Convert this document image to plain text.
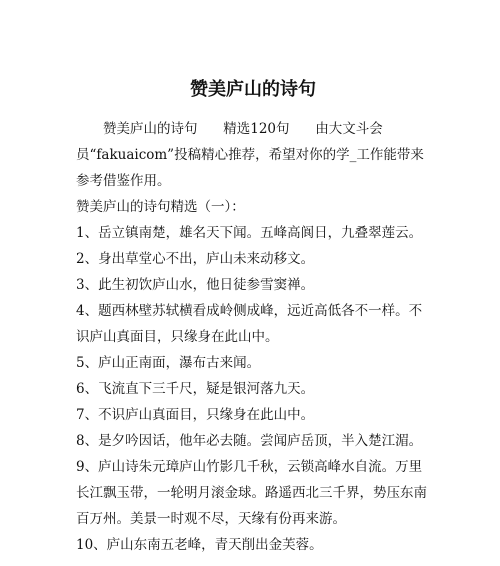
赞美庐山的诗句

赞美庐山的诗句      精选120句      由大文斗会员“fakuaicom”投稿精心推荐，希望对你的学_工作能带来参考借鉴作用。

赞美庐山的诗句精选（一）：

1、岳立镇南楚，雄名天下闻。五峰高阆日，九叠翠莲云。

2、身出草堂心不出，庐山未来动移文。

3、此生初饮庐山水，他日徒参雪窦禅。

4、题西林壁苏轼横看成岭侧成峰，远近高低各不一样。不识庐山真面目，只缘身在此山中。

5、庐山正南面，瀑布古来闻。

6、飞流直下三千尺，疑是银河落九天。

7、不识庐山真面目，只缘身在此山中。

8、是夕吟因话，他年必去随。尝闻庐岳顶，半入楚江湄。

9、庐山诗朱元璋庐山竹影几千秋，云锁高峰水自流。万里长江飘玉带，一轮明月滚金球。路遥西北三千界，势压东南百万州。美景一时观不尽，天缘有份再来游。

10、庐山东南五老峰，青天削出金芙蓉。
